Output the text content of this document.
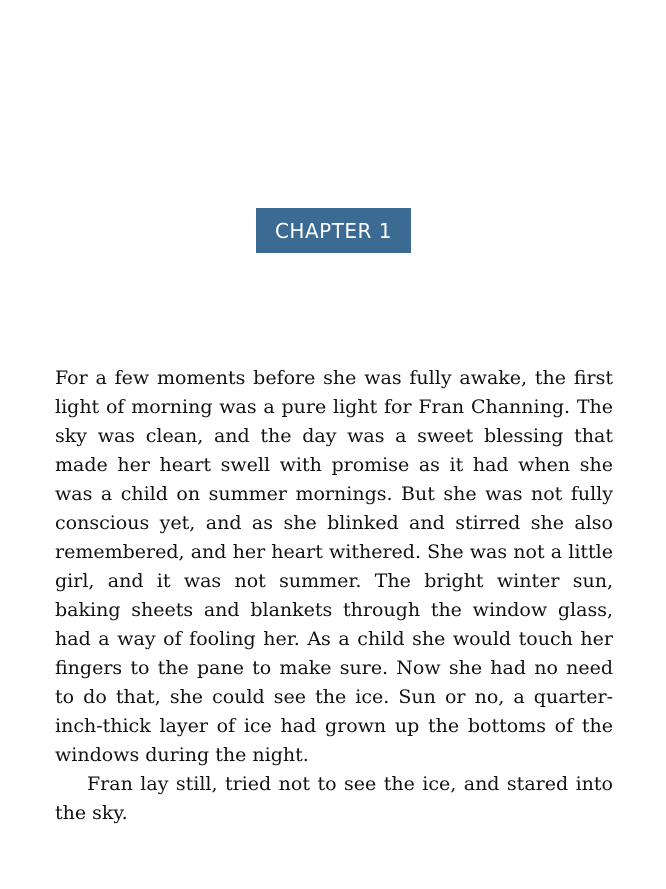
CHAPTER 1

For a few moments before she was fully awake, the first light of morning was a pure light for Fran Channing. The sky was clean, and the day was a sweet blessing that made her heart swell with promise as it had when she was a child on summer mornings. But she was not fully conscious yet, and as she blinked and stirred she also remembered, and her heart withered. She was not a little girl, and it was not summer. The bright winter sun, baking sheets and blankets through the window glass, had a way of fooling her. As a child she would touch her fingers to the pane to make sure. Now she had no need to do that, she could see the ice. Sun or no, a quarter-inch-thick layer of ice had grown up the bottoms of the windows during the night.

Fran lay still, tried not to see the ice, and stared into the sky.
